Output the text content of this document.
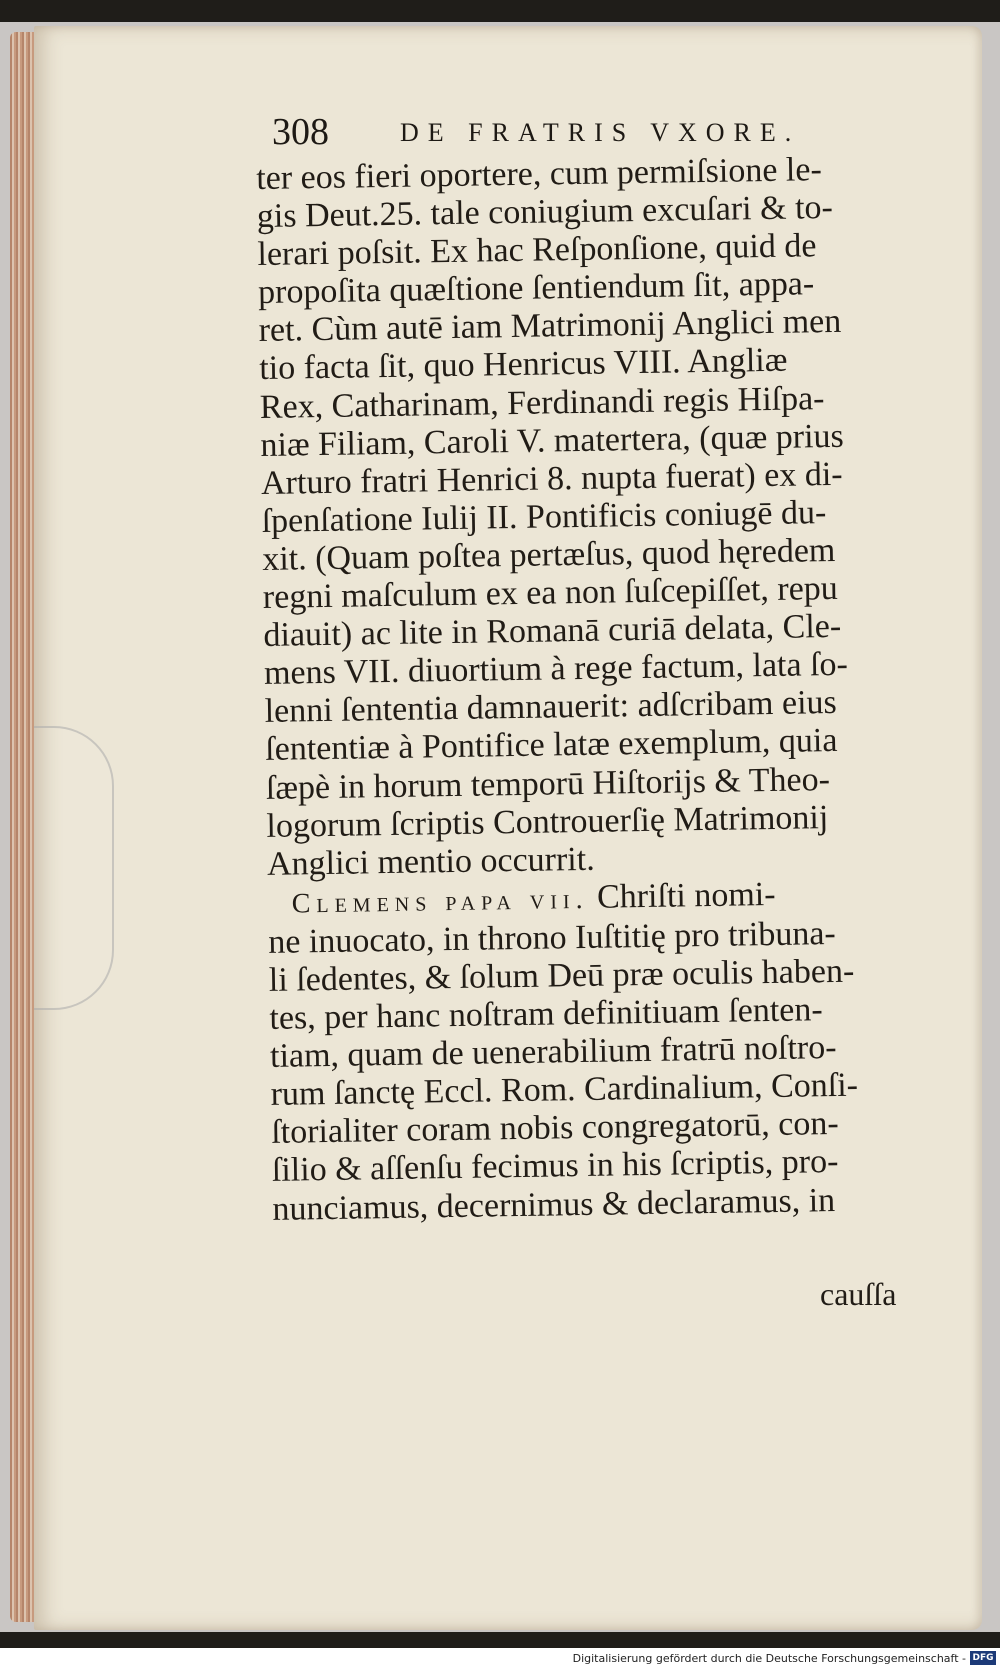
308	DE FRATRIS VXORE.
ter eos fieri oportere, cum permiſsione le-
gis Deut.25. tale coniugium excuſari & to-
lerari poſsit. Ex hac Reſponſione, quid de
propoſita quæſtione ſentiendum ſit, appa-
ret. Cùm autē iam Matrimonij Anglici men
tio facta ſit, quo Henricus VIII. Angliæ
Rex, Catharinam, Ferdinandi regis Hiſpa-
niæ Filiam, Caroli V. matertera, (quæ prius
Arturo fratri Henrici 8. nupta fuerat) ex di-
ſpenſatione Iulij II. Pontificis coniugē du-
xit. (Quam poſtea pertæſus, quod hęredem
regni maſculum ex ea non ſuſcepiſſet, repu
diauit) ac lite in Romanā curiā delata, Cle-
mens VII. diuortium à rege factum, lata ſo-
lenni ſententia damnauerit: adſcribam eius
ſententiæ à Pontifice latæ exemplum, quia
ſæpè in horum temporū Hiſtorijs & Theo-
logorum ſcriptis Controuerſię Matrimonij
Anglici mentio occurrit.
Clemens papa vii. Chriſti nomi-
ne inuocato, in throno Iuſtitię pro tribuna-
li ſedentes, & ſolum Deū præ oculis haben-
tes, per hanc noſtram definitiuam ſenten-
tiam, quam de uenerabilium fratrū noſtro-
rum ſanctę Eccl. Rom. Cardinalium, Conſi-
ſtorialiter coram nobis congregatorū, con-
ſilio & aſſenſu fecimus in his ſcriptis, pro-
nunciamus, decernimus & declaramus, in
cauſſa
Digitalisierung gefördert durch die Deutsche Forschungsgemeinschaft - DFG
